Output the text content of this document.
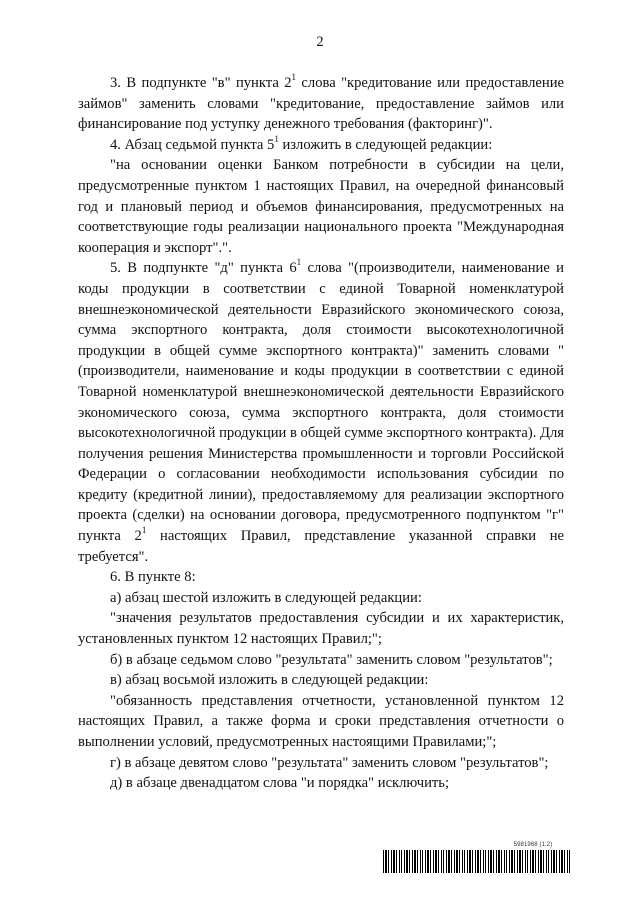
2

3. В подпункте "в" пункта $2^1$ слова "кредитование или предоставление займов" заменить словами "кредитование, предоставление займов или финансирование под уступку денежного требования (факторинг)".

4. Абзац седьмой пункта $5^1$ изложить в следующей редакции:

"на основании оценки Банком потребности в субсидии на цели, предусмотренные пунктом 1 настоящих Правил, на очередной финансовый год и плановый период и объемов финансирования, предусмотренных на соответствующие годы реализации национального проекта "Международная кооперация и экспорт".".

5. В подпункте "д" пункта $6^1$ слова "(производители, наименование и коды продукции в соответствии с единой Товарной номенклатурой внешнеэкономической деятельности Евразийского экономического союза, сумма экспортного контракта, доля стоимости высокотехнологичной продукции в общей сумме экспортного контракта)" заменить словами "(производители, наименование и коды продукции в соответствии с единой Товарной номенклатурой внешнеэкономической деятельности Евразийского экономического союза, сумма экспортного контракта, доля стоимости высокотехнологичной продукции в общей сумме экспортного контракта). Для получения решения Министерства промышленности и торговли Российской Федерации о согласовании необходимости использования субсидии по кредиту (кредитной линии), предоставляемому для реализации экспортного проекта (сделки) на основании договора, предусмотренного подпунктом "г" пункта $2^1$ настоящих Правил, представление указанной справки не требуется".

6. В пункте 8:

а) абзац шестой изложить в следующей редакции:

"значения результатов предоставления субсидии и их характеристик, установленных пунктом 12 настоящих Правил;";

б) в абзаце седьмом слово "результата" заменить словом "результатов";

в) абзац восьмой изложить в следующей редакции:

"обязанность представления отчетности, установленной пунктом 12 настоящих Правил, а также форма и сроки представления отчетности о выполнении условий, предусмотренных настоящими Правилами;";

г) в абзаце девятом слово "результата" заменить словом "результатов";

д) в абзаце двенадцатом слова "и порядка" исключить;

5981968 (1.2)
